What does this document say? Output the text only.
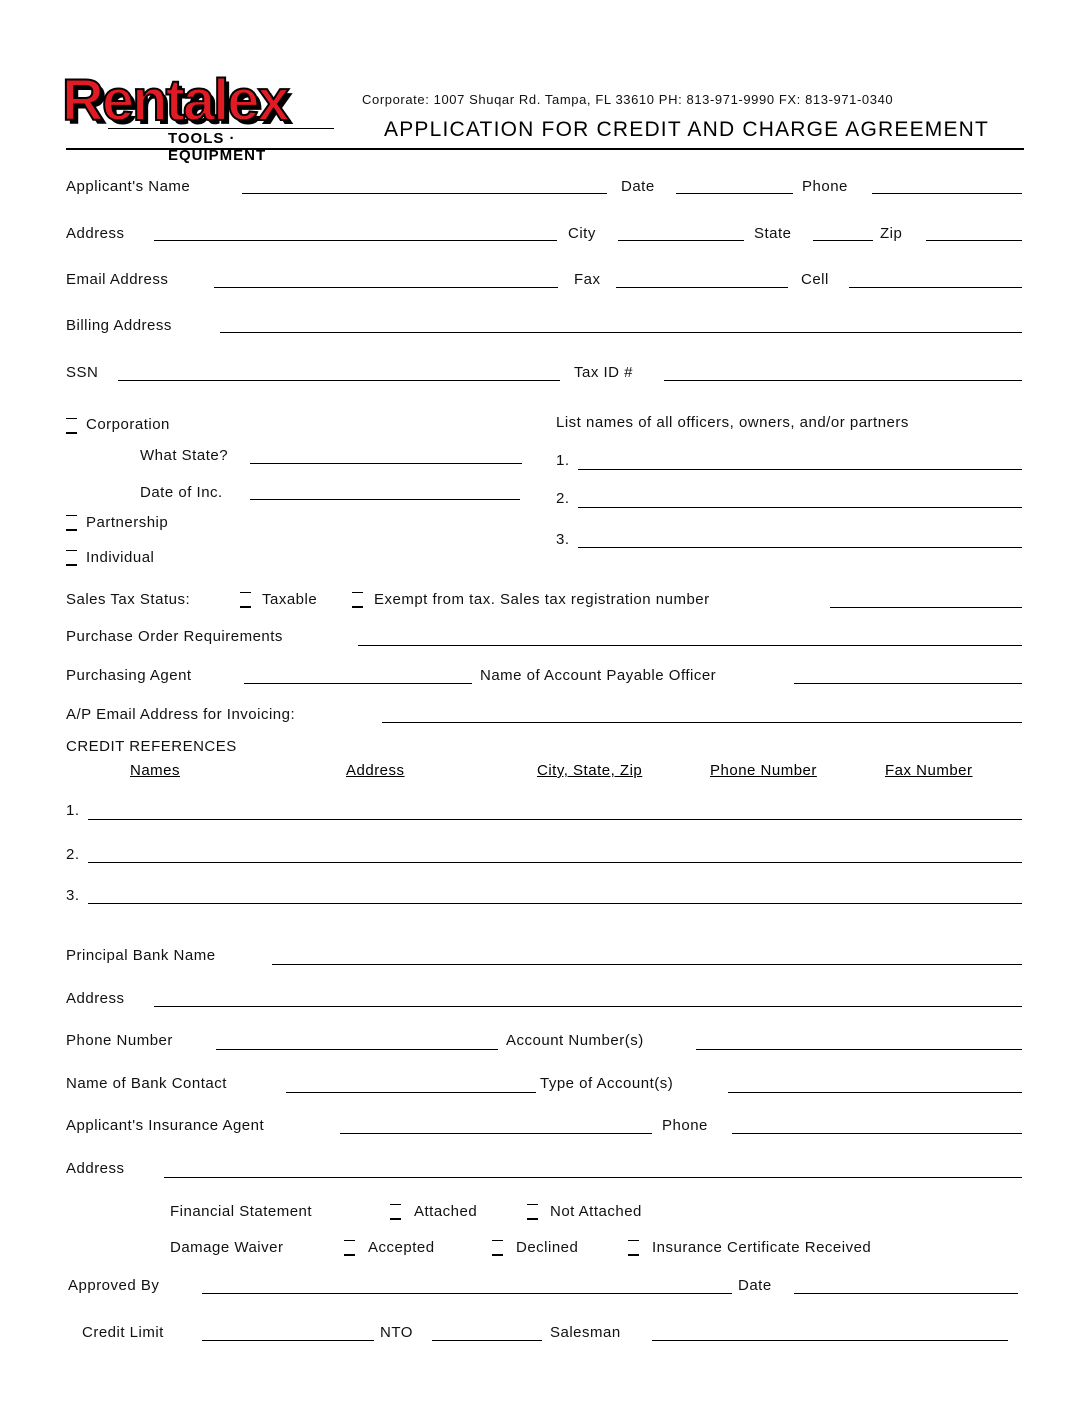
Rentalex
TOOLS · EQUIPMENT
Corporate: 1007 Shuqar Rd. Tampa, FL 33610 PH: 813-971-9990 FX: 813-971-0340
APPLICATION FOR CREDIT AND CHARGE AGREEMENT
Applicant's Name	Date	Phone
Address	City	State	Zip
Email Address	Fax	Cell
Billing Address
SSN	Tax ID #
Corporation
What State?
Date of Inc.
Partnership
Individual
List names of all officers, owners, and/or partners
1.
2.
3.
Sales Tax Status:	Taxable	Exempt from tax. Sales tax registration number
Purchase Order Requirements
Purchasing Agent	Name of Account Payable Officer
A/P Email Address for Invoicing:
CREDIT REFERENCES
Names	Address	City, State, Zip	Phone Number	Fax Number
1.
2.
3.
Principal Bank Name
Address
Phone Number	Account Number(s)
Name of Bank Contact	Type of Account(s)
Applicant's Insurance Agent	Phone
Address
Financial Statement	Attached	Not Attached
Damage Waiver	Accepted	Declined	Insurance Certificate Received
Approved By	Date
Credit Limit	NTO	Salesman
